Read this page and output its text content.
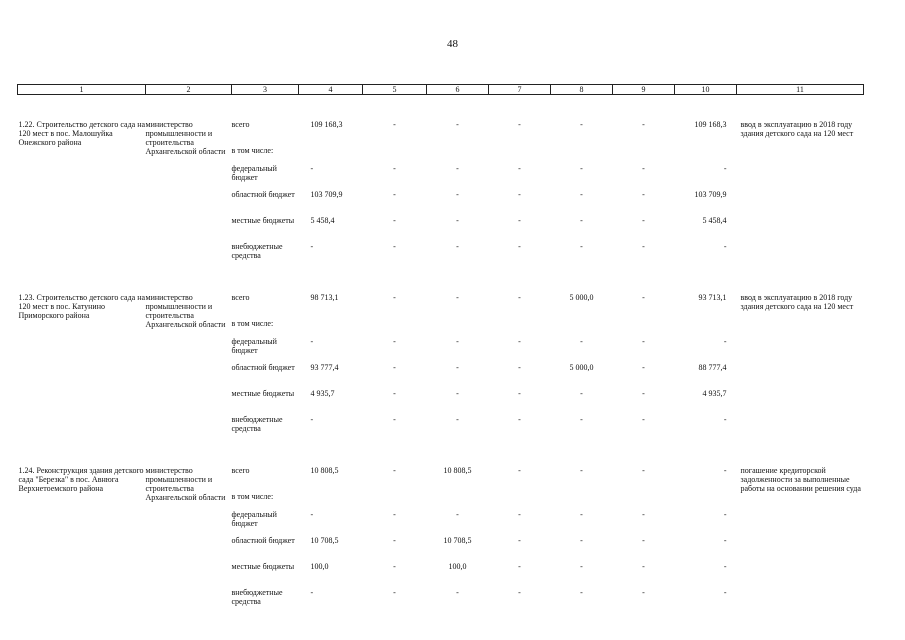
48
1	2	3	4	5	6	7	8	9	10	11

1.22. Строительство детского сада на 120 мест в пос. Малошуйка Онежского района	министерство промышленности и строительства Архангельской области	всего	109 168,3	-	-	-	-	-	109 168,3	ввод в эксплуатацию в 2018 году здания детского сада на 120 мест
		в том числе:								
		федеральный бюджет	-	-	-	-	-	-	-	
		областной бюджет	103 709,9	-	-	-	-	-	103 709,9	
		местные бюджеты	5 458,4	-	-	-	-	-	5 458,4	
		внебюджетные средства	-	-	-	-	-	-	-	

1.23. Строительство детского сада на 120 мест в пос. Катунино Приморского района	министерство промышленности и строительства Архангельской области	всего	98 713,1	-	-	-	5 000,0	-	93 713,1	ввод в эксплуатацию в 2018 году здания детского сада на 120 мест
		в том числе:								
		федеральный бюджет	-	-	-	-	-	-	-	
		областной бюджет	93 777,4	-	-	-	5 000,0	-	88 777,4	
		местные бюджеты	4 935,7	-	-	-	-	-	4 935,7	
		внебюджетные средства	-	-	-	-	-	-	-	

1.24. Реконструкция здания детского сада "Березка" в пос. Авнюга Верхнетоемского района	министерство промышленности и строительства Архангельской области	всего	10 808,5	-	10 808,5	-	-	-	-	погашение кредиторской задолженности за выполненные работы на основании решения суда
		в том числе:								
		федеральный бюджет	-	-	-	-	-	-	-	
		областной бюджет	10 708,5	-	10 708,5	-	-	-	-	
		местные бюджеты	100,0	-	100,0	-	-	-	-	
		внебюджетные средства	-	-	-	-	-	-	-	
